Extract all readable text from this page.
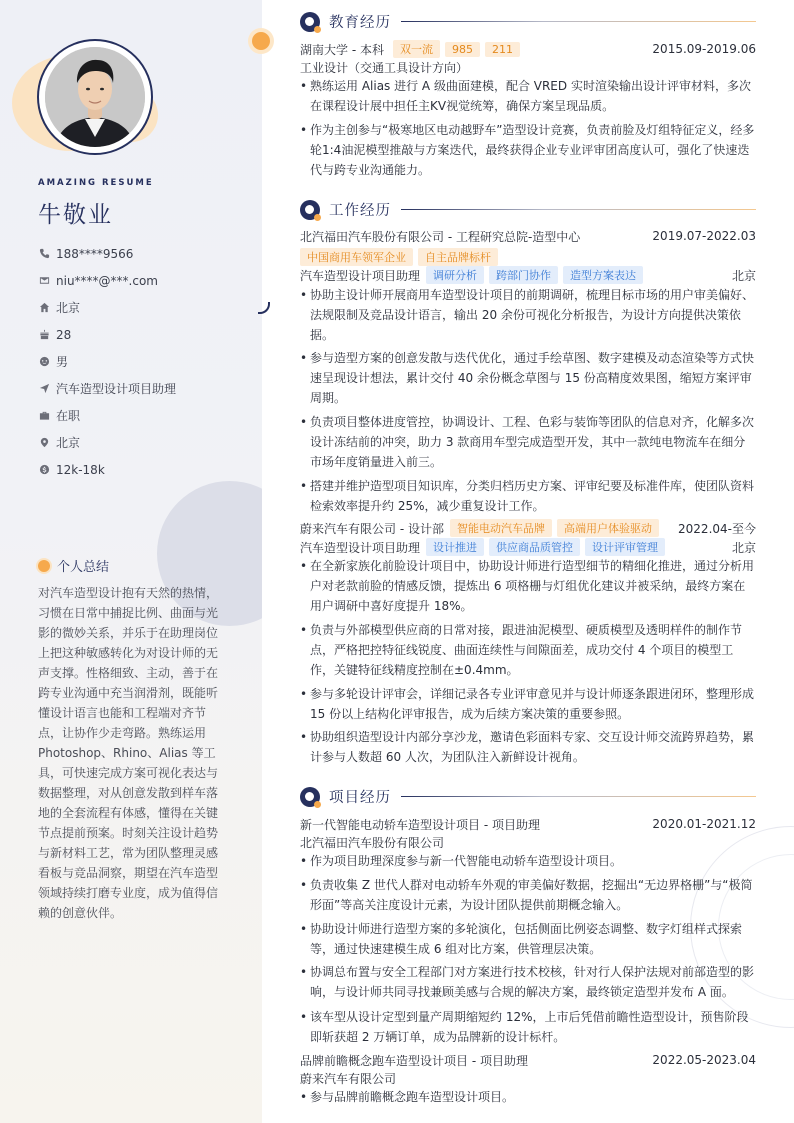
AMAZING RESUME
牛敬业
188****9566
niu****@***.com
北京
28
男
汽车造型设计项目助理
在职
北京
12k-18k
个人总结

对汽车造型设计抱有天然的热情，习惯在日常中捕捉比例、曲面与光影的微妙关系，并乐于在助理岗位上把这种敏感转化为对设计师的无声支撑。性格细致、主动，善于在跨专业沟通中充当润滑剂，既能听懂设计语言也能和工程端对齐节点，让协作少走弯路。熟练运用Photoshop、Rhino、Alias 等工具，可快速完成方案可视化表达与数据整理，对从创意发散到样车落地的全套流程有体感，懂得在关键节点提前预案。时刻关注设计趋势与新材料工艺，常为团队整理灵感看板与竞品洞察，期望在汽车造型领域持续打磨专业度，成为值得信赖的创意伙伴。

教育经历
湖南大学 - 本科	双一流	985	211	2015.09-2019.06
工业设计（交通工具设计方向）
• 熟练运用 Alias 进行 A 级曲面建模，配合 VRED 实时渲染输出设计评审材料，多次在课程设计展中担任主KV视觉统筹，确保方案呈现品质。
• 作为主创参与“极寒地区电动越野车”造型设计竞赛，负责前脸及灯组特征定义，经多轮1:4油泥模型推敲与方案迭代，最终获得企业专业评审团高度认可，强化了快速迭代与跨专业沟通能力。
工作经历
北汽福田汽车股份有限公司 - 工程研究总院-造型中心	2019.07-2022.03
中国商用车领军企业	自主品牌标杆
汽车造型设计项目助理	调研分析	跨部门协作	造型方案表达	北京
• 协助主设计师开展商用车造型设计项目的前期调研，梳理目标市场的用户审美偏好、法规限制及竞品设计语言，输出 20 余份可视化分析报告，为设计方向提供决策依据。
• 参与造型方案的创意发散与迭代优化，通过手绘草图、数字建模及动态渲染等方式快速呈现设计想法，累计交付 40 余份概念草图与 15 份高精度效果图，缩短方案评审周期。
• 负责项目整体进度管控，协调设计、工程、色彩与装饰等团队的信息对齐，化解多次设计冻结前的冲突，助力 3 款商用车型完成造型开发，其中一款纯电物流车在细分市场年度销量进入前三。
• 搭建并维护造型项目知识库，分类归档历史方案、评审纪要及标准件库，使团队资料检索效率提升约 25%，减少重复设计工作。
蔚来汽车有限公司 - 设计部	智能电动汽车品牌	高端用户体验驱动	2022.04-至今
汽车造型设计项目助理	设计推进	供应商品质管控	设计评审管理	北京
• 在全新家族化前脸设计项目中，协助设计师进行造型细节的精细化推进，通过分析用户对老款前脸的情感反馈，提炼出 6 项格栅与灯组优化建议并被采纳，最终方案在用户调研中喜好度提升 18%。
• 负责与外部模型供应商的日常对接，跟进油泥模型、硬质模型及透明样件的制作节点，严格把控特征线锐度、曲面连续性与间隙面差，成功交付 4 个项目的模型工作，关键特征线精度控制在±0.4mm。
• 参与多轮设计评审会，详细记录各专业评审意见并与设计师逐条跟进闭环，整理形成 15 份以上结构化评审报告，成为后续方案决策的重要参照。
• 协助组织造型设计内部分享沙龙，邀请色彩面料专家、交互设计师交流跨界趋势，累计参与人数超 60 人次，为团队注入新鲜设计视角。
项目经历
新一代智能电动轿车造型设计项目 - 项目助理	2020.01-2021.12
北汽福田汽车股份有限公司
• 作为项目助理深度参与新一代智能电动轿车造型设计项目。
• 负责收集 Z 世代人群对电动轿车外观的审美偏好数据，挖掘出“无边界格栅”与“极简形面”等高关注度设计元素，为设计团队提供前期概念输入。
• 协助设计师进行造型方案的多轮演化，包括侧面比例姿态调整、数字灯组样式探索等，通过快速建模生成 6 组对比方案，供管理层决策。
• 协调总布置与安全工程部门对方案进行技术校核，针对行人保护法规对前部造型的影响，与设计师共同寻找兼顾美感与合规的解决方案，最终锁定造型并发布 A 面。
• 该车型从设计定型到量产周期缩短约 12%，上市后凭借前瞻性造型设计，预售阶段即斩获超 2 万辆订单，成为品牌新的设计标杆。
品牌前瞻概念跑车造型设计项目 - 项目助理	2022.05-2023.04
蔚来汽车有限公司
• 参与品牌前瞻概念跑车造型设计项目。
